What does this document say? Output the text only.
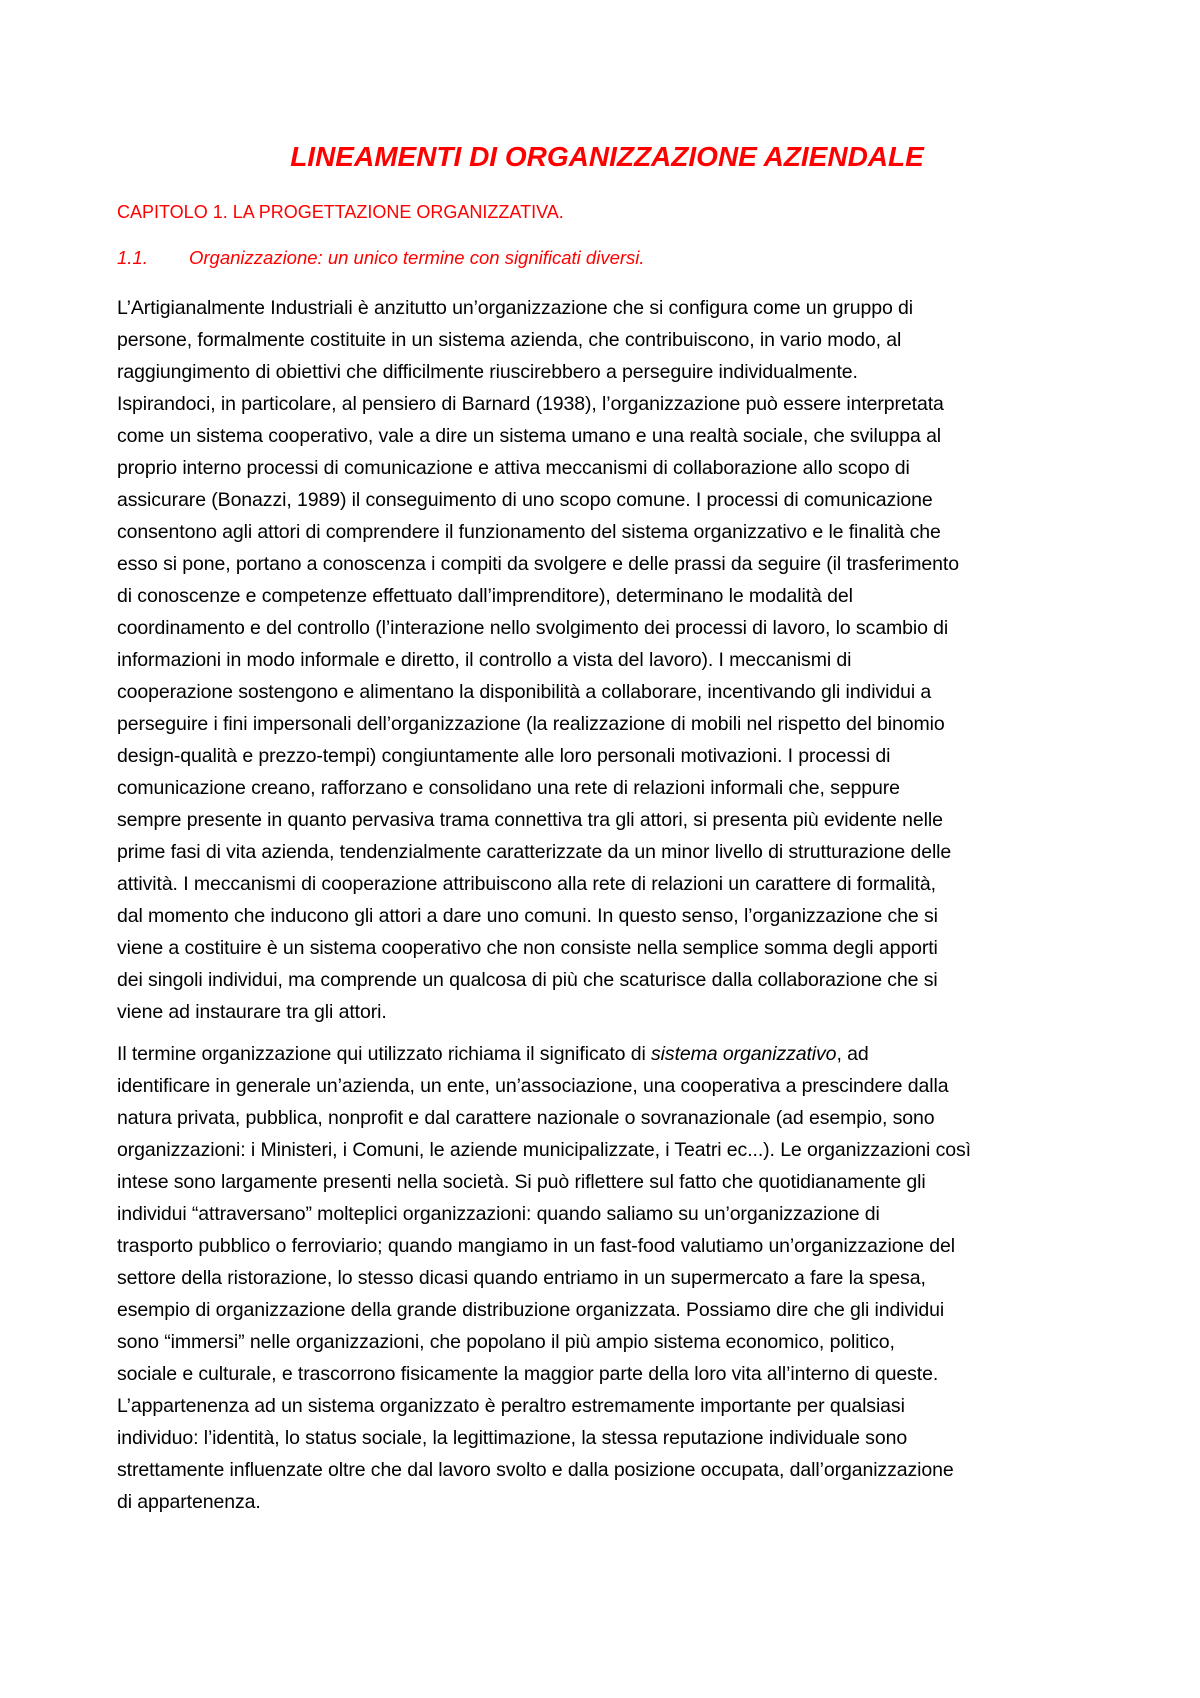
LINEAMENTI DI ORGANIZZAZIONE AZIENDALE
CAPITOLO 1. LA PROGETTAZIONE ORGANIZZATIVA.
1.1. Organizzazione: un unico termine con significati diversi.
L’Artigianalmente Industriali è anzitutto un’organizzazione che si configura come un gruppo di
persone, formalmente costituite in un sistema azienda, che contribuiscono, in vario modo, al
raggiungimento di obiettivi che difficilmente riuscirebbero a perseguire individualmente.
Ispirandoci, in particolare, al pensiero di Barnard (1938), l’organizzazione può essere interpretata
come un sistema cooperativo, vale a dire un sistema umano e una realtà sociale, che sviluppa al
proprio interno processi di comunicazione e attiva meccanismi di collaborazione allo scopo di
assicurare (Bonazzi, 1989) il conseguimento di uno scopo comune. I processi di comunicazione
consentono agli attori di comprendere il funzionamento del sistema organizzativo e le finalità che
esso si pone, portano a conoscenza i compiti da svolgere e delle prassi da seguire (il trasferimento
di conoscenze e competenze effettuato dall’imprenditore), determinano le modalità del
coordinamento e del controllo (l’interazione nello svolgimento dei processi di lavoro, lo scambio di
informazioni in modo informale e diretto, il controllo a vista del lavoro). I meccanismi di
cooperazione sostengono e alimentano la disponibilità a collaborare, incentivando gli individui a
perseguire i fini impersonali dell’organizzazione (la realizzazione di mobili nel rispetto del binomio
design-qualità e prezzo-tempi) congiuntamente alle loro personali motivazioni. I processi di
comunicazione creano, rafforzano e consolidano una rete di relazioni informali che, seppure
sempre presente in quanto pervasiva trama connettiva tra gli attori, si presenta più evidente nelle
prime fasi di vita azienda, tendenzialmente caratterizzate da un minor livello di strutturazione delle
attività. I meccanismi di cooperazione attribuiscono alla rete di relazioni un carattere di formalità,
dal momento che inducono gli attori a dare uno comuni. In questo senso, l’organizzazione che si
viene a costituire è un sistema cooperativo che non consiste nella semplice somma degli apporti
dei singoli individui, ma comprende un qualcosa di più che scaturisce dalla collaborazione che si
viene ad instaurare tra gli attori.
Il termine organizzazione qui utilizzato richiama il significato di sistema organizzativo, ad
identificare in generale un’azienda, un ente, un’associazione, una cooperativa a prescindere dalla
natura privata, pubblica, nonprofit e dal carattere nazionale o sovranazionale (ad esempio, sono
organizzazioni: i Ministeri, i Comuni, le aziende municipalizzate, i Teatri ec...). Le organizzazioni così
intese sono largamente presenti nella società. Si può riflettere sul fatto che quotidianamente gli
individui “attraversano” molteplici organizzazioni: quando saliamo su un’organizzazione di
trasporto pubblico o ferroviario; quando mangiamo in un fast-food valutiamo un’organizzazione del
settore della ristorazione, lo stesso dicasi quando entriamo in un supermercato a fare la spesa,
esempio di organizzazione della grande distribuzione organizzata. Possiamo dire che gli individui
sono “immersi” nelle organizzazioni, che popolano il più ampio sistema economico, politico,
sociale e culturale, e trascorrono fisicamente la maggior parte della loro vita all’interno di queste.
L’appartenenza ad un sistema organizzato è peraltro estremamente importante per qualsiasi
individuo: l’identità, lo status sociale, la legittimazione, la stessa reputazione individuale sono
strettamente influenzate oltre che dal lavoro svolto e dalla posizione occupata, dall’organizzazione
di appartenenza.
